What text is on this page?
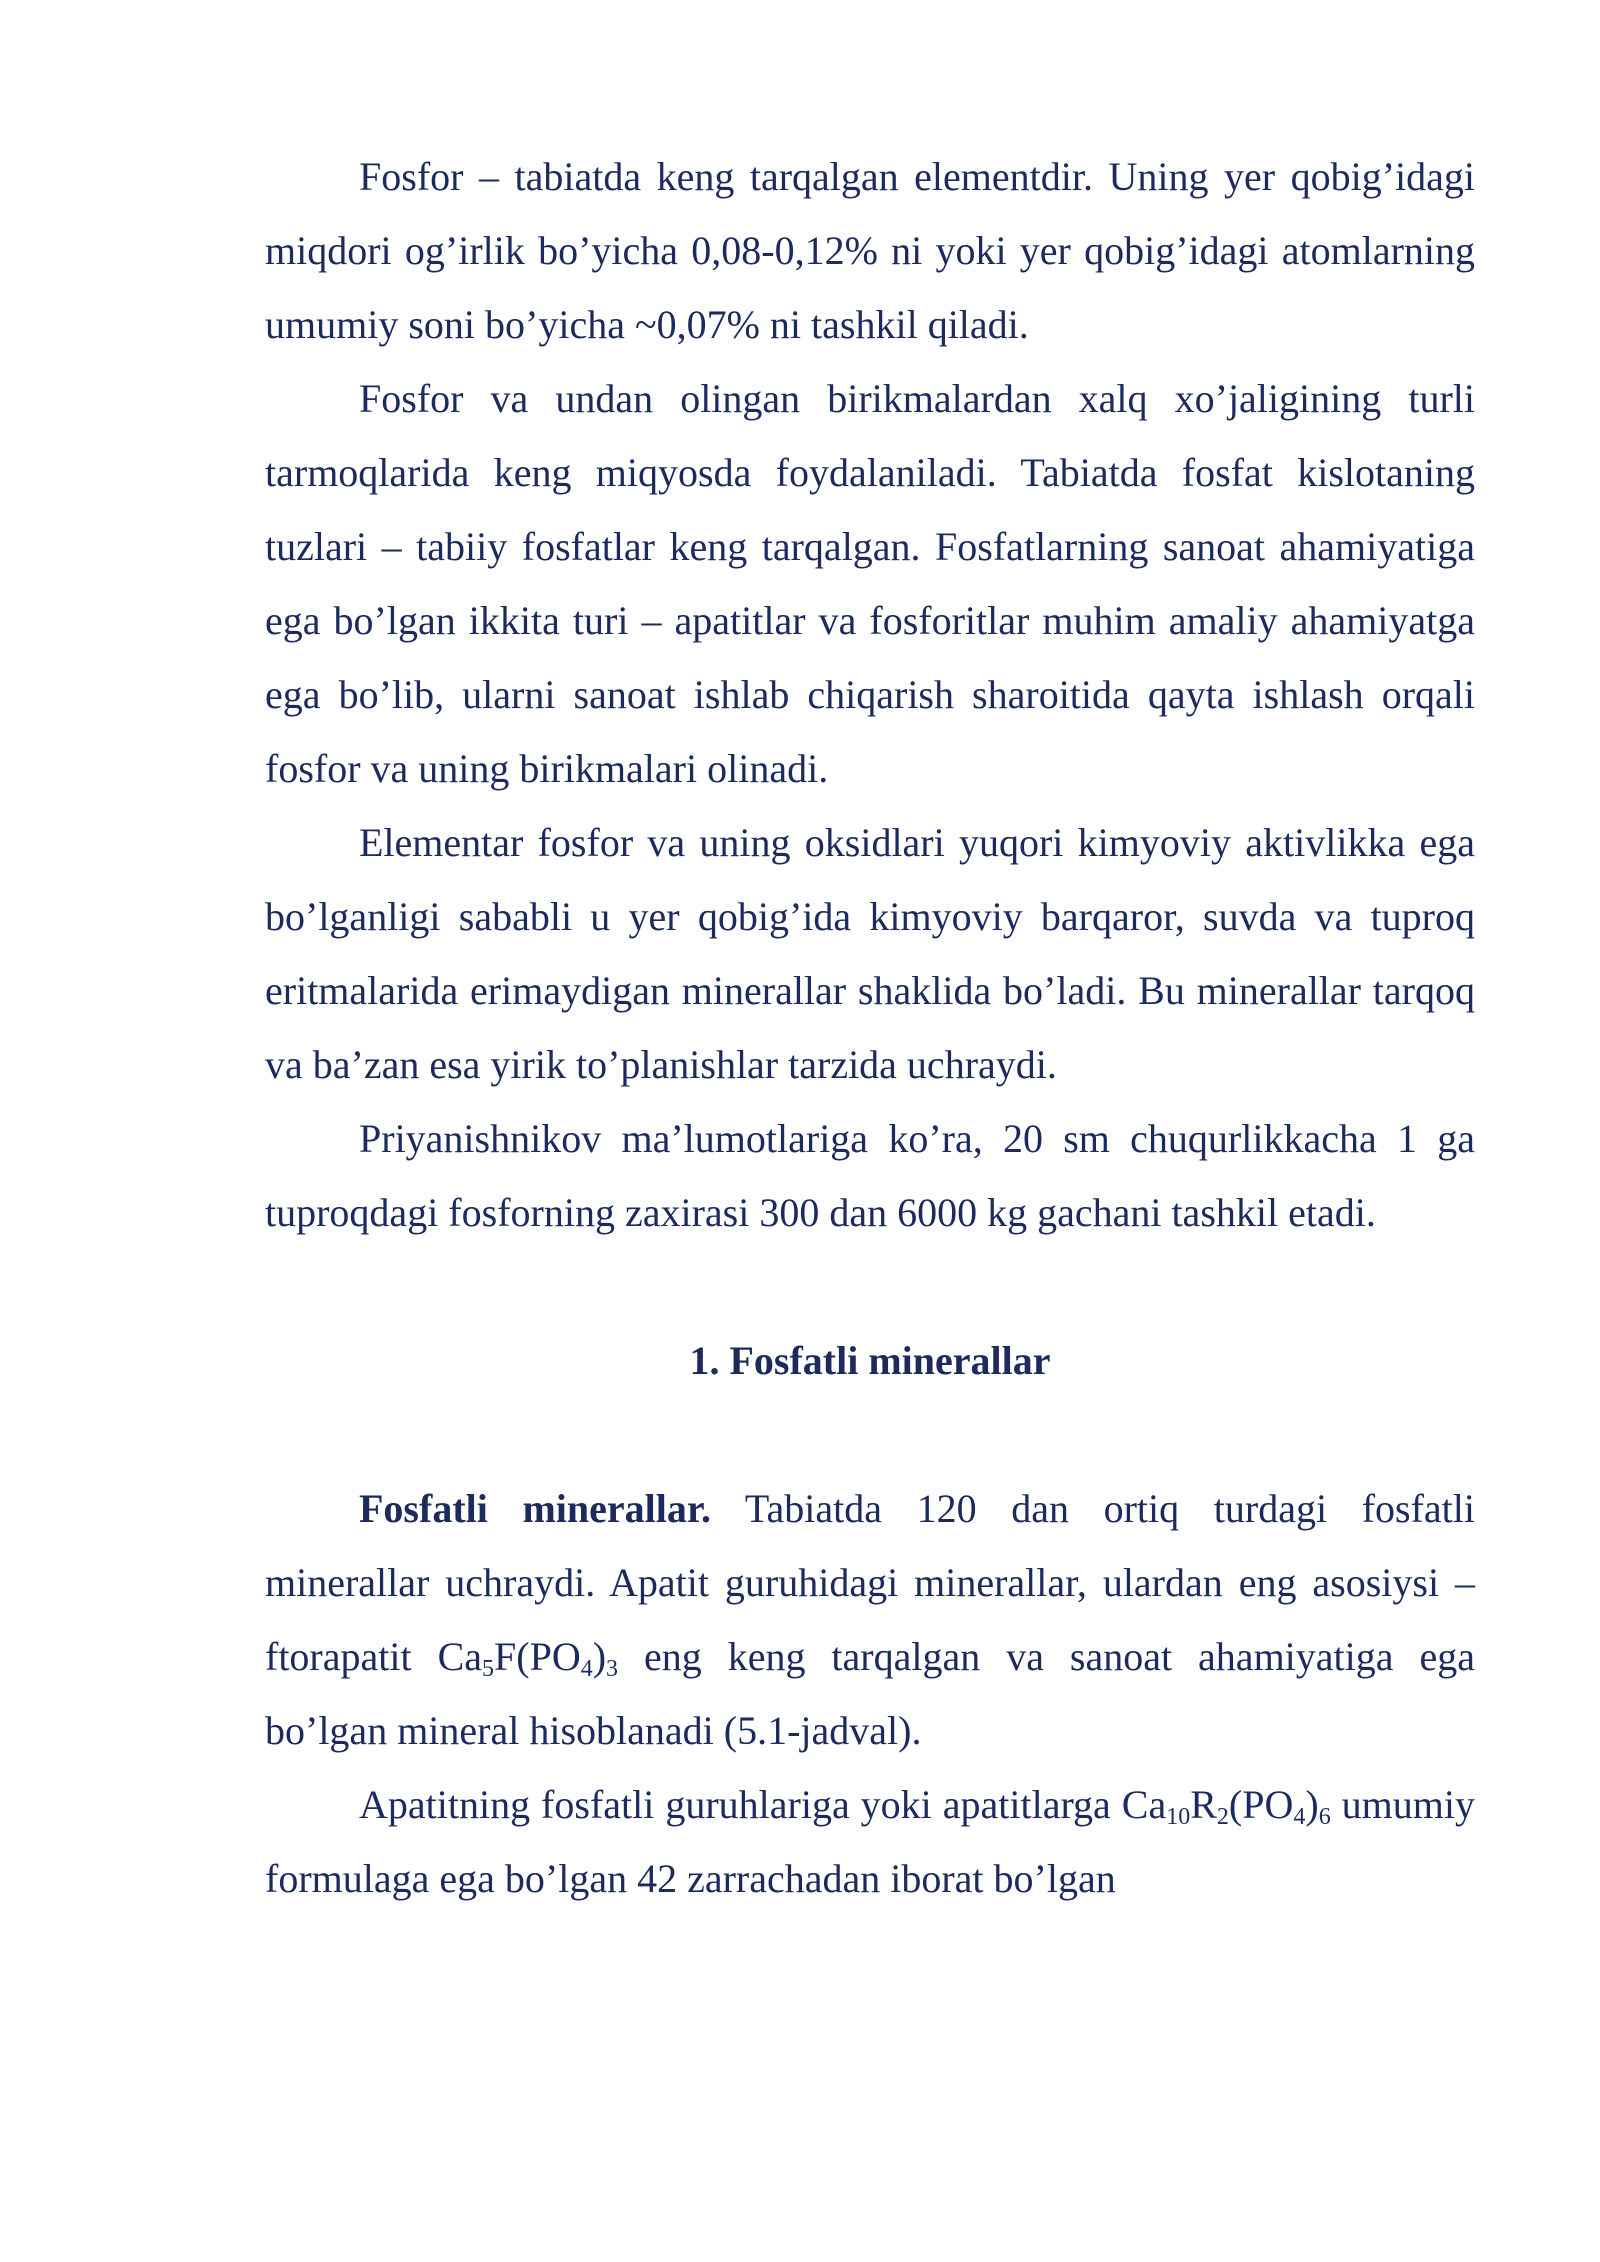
Fosfor – tabiatda keng tarqalgan elementdir. Uning yer qobig’idagi miqdori og’irlik bo’yicha 0,08-0,12% ni yoki yer qobig’idagi atomlarning umumiy soni bo’yicha ~0,07% ni tashkil qiladi.

Fosfor va undan olingan birikmalardan xalq xo’jaligining turli tarmoqlarida keng miqyosda foydalaniladi. Tabiatda fosfat kislotaning tuzlari – tabiiy fosfatlar keng tarqalgan. Fosfatlarning sanoat ahamiyatiga ega bo’lgan ikkita turi – apatitlar va fosforitlar muhim amaliy ahamiyatga ega bo’lib, ularni sanoat ishlab chiqarish sharoitida qayta ishlash orqali fosfor va uning birikmalari olinadi.

Elementar fosfor va uning oksidlari yuqori kimyoviy aktivlikka ega bo’lganligi sababli u yer qobig’ida kimyoviy barqaror, suvda va tuproq eritmalarida erimaydigan minerallar shaklida bo’ladi. Bu minerallar tarqoq va ba’zan esa yirik to’planishlar tarzida uchraydi.

Priyanishnikov ma’lumotlariga ko’ra, 20 sm chuqurlikkacha 1 ga tuproqdagi fosforning zaxirasi 300 dan 6000 kg gachani tashkil etadi.

1. Fosfatli minerallar

Fosfatli minerallar. Tabiatda 120 dan ortiq turdagi fosfatli minerallar uchraydi. Apatit guruhidagi minerallar, ulardan eng asosiysi – ftorapatit $Ca_5F(PO_4)_3$ eng keng tarqalgan va sanoat ahamiyatiga ega bo’lgan mineral hisoblanadi (5.1-jadval).

Apatitning fosfatli guruhlariga yoki apatitlarga $Ca_{10}R_2(PO_4)_6$ umumiy formulaga ega bo’lgan 42 zarrachadan iborat bo’lgan
